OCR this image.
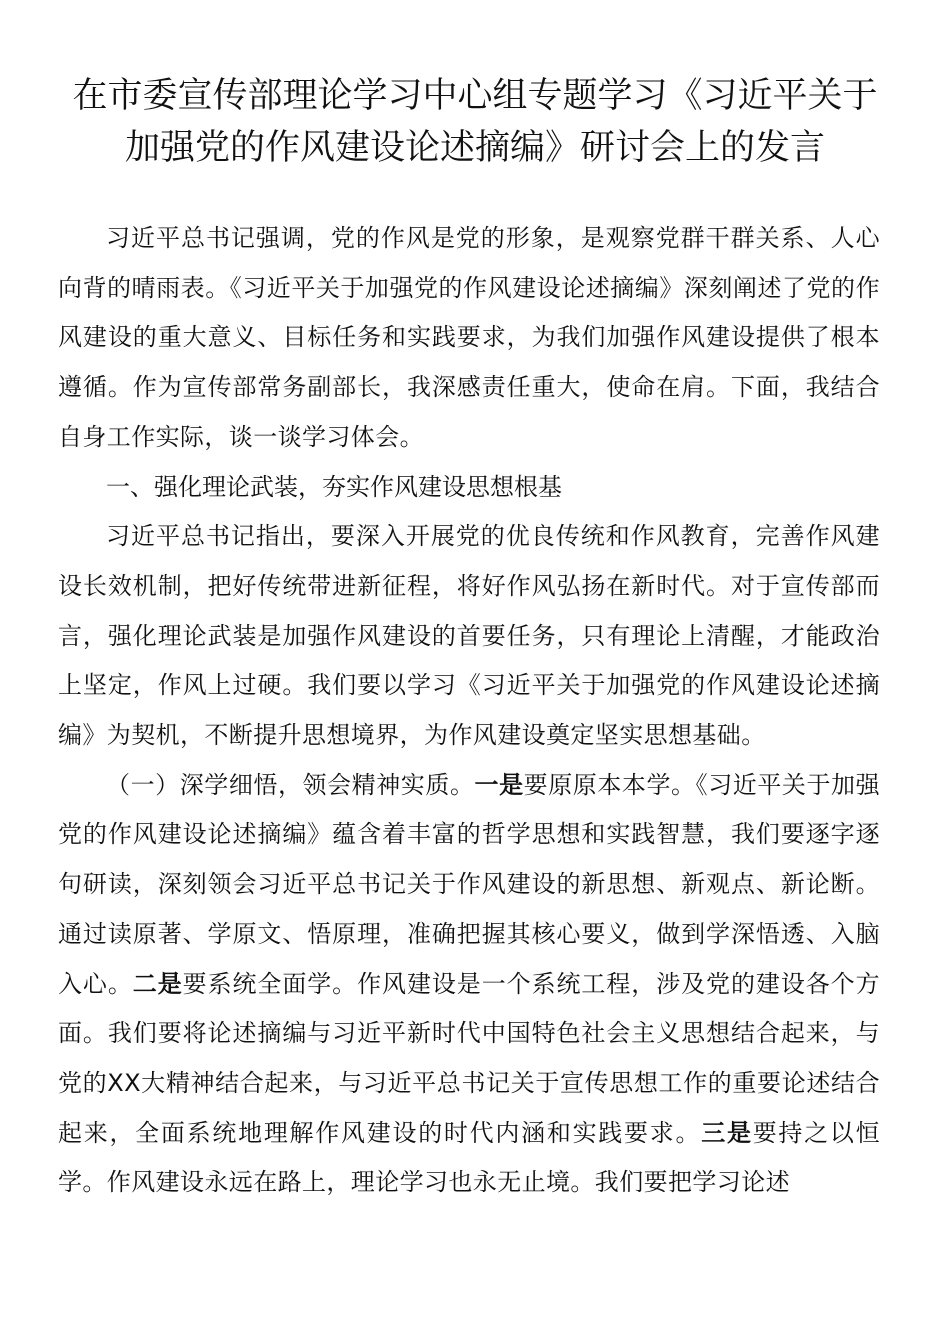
在市委宣传部理论学习中心组专题学习《习近平关于
加强党的作风建设论述摘编》研讨会上的发言

习近平总书记强调，党的作风是党的形象，是观察党群干群关系、人心向背的晴雨表。《习近平关于加强党的作风建设论述摘编》深刻阐述了党的作风建设的重大意义、目标任务和实践要求，为我们加强作风建设提供了根本遵循。作为宣传部常务副部长，我深感责任重大，使命在肩。下面，我结合自身工作实际，谈一谈学习体会。

一、强化理论武装，夯实作风建设思想根基

习近平总书记指出，要深入开展党的优良传统和作风教育，完善作风建设长效机制，把好传统带进新征程，将好作风弘扬在新时代。对于宣传部而言，强化理论武装是加强作风建设的首要任务，只有理论上清醒，才能政治上坚定，作风上过硬。我们要以学习《习近平关于加强党的作风建设论述摘编》为契机，不断提升思想境界，为作风建设奠定坚实思想基础。

（一）深学细悟，领会精神实质。一是要原原本本学。《习近平关于加强党的作风建设论述摘编》蕴含着丰富的哲学思想和实践智慧，我们要逐字逐句研读，深刻领会习近平总书记关于作风建设的新思想、新观点、新论断。通过读原著、学原文、悟原理，准确把握其核心要义，做到学深悟透、入脑入心。二是要系统全面学。作风建设是一个系统工程，涉及党的建设各个方面。我们要将论述摘编与习近平新时代中国特色社会主义思想结合起来，与党的XX大精神结合起来，与习近平总书记关于宣传思想工作的重要论述结合起来，全面系统地理解作风建设的时代内涵和实践要求。三是要持之以恒学。作风建设永远在路上，理论学习也永无止境。我们要把学习论述
